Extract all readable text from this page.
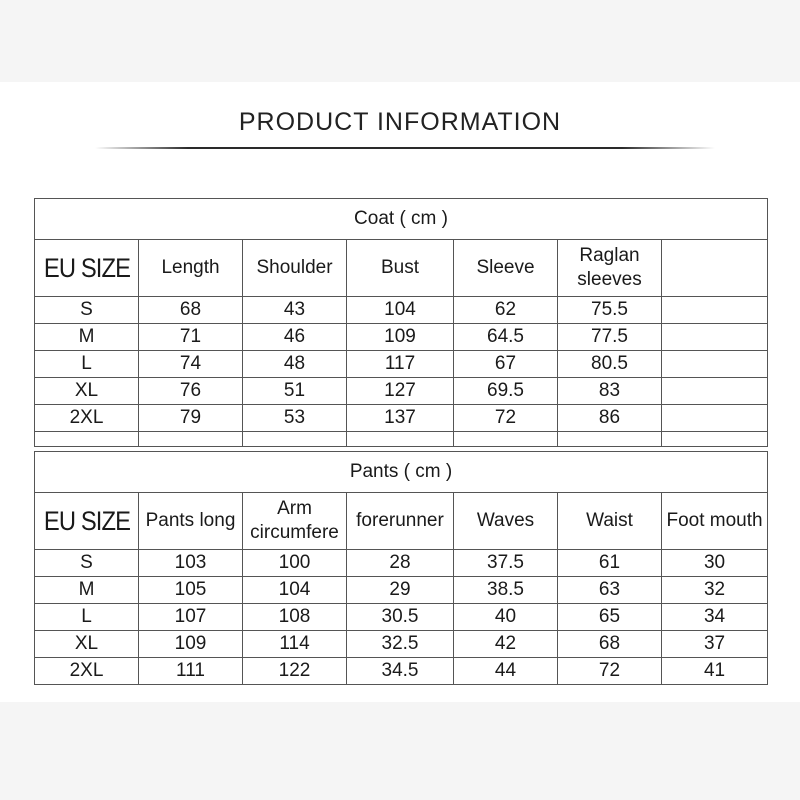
PRODUCT INFORMATION
Coat ( cm )						
EU SIZE	Length	Shoulder	Bust	Sleeve	Raglan sleeves	
S	68	43	104	62	75.5	
M	71	46	109	64.5	77.5	
L	74	48	117	67	80.5	
XL	76	51	127	69.5	83	
2XL	79	53	137	72	86	

Pants ( cm )						
EU SIZE	Pants long	Arm circumfere	forerunner	Waves	Waist	Foot mouth
S	103	100	28	37.5	61	30
M	105	104	29	38.5	63	32
L	107	108	30.5	40	65	34
XL	109	114	32.5	42	68	37
2XL	111	122	34.5	44	72	41
